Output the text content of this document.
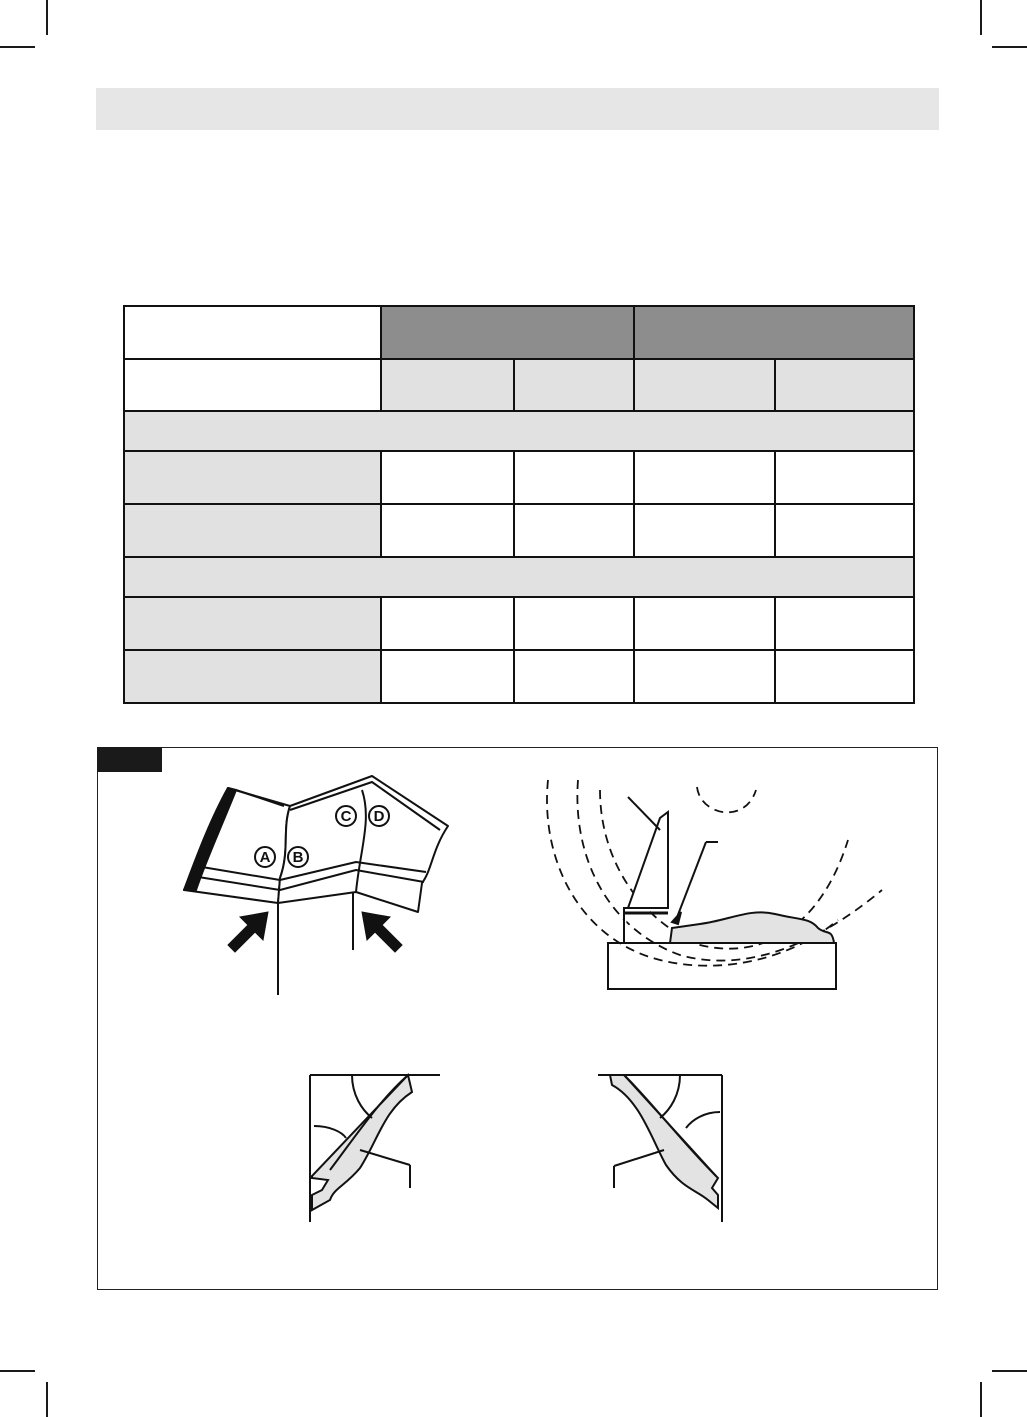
A B
C D
